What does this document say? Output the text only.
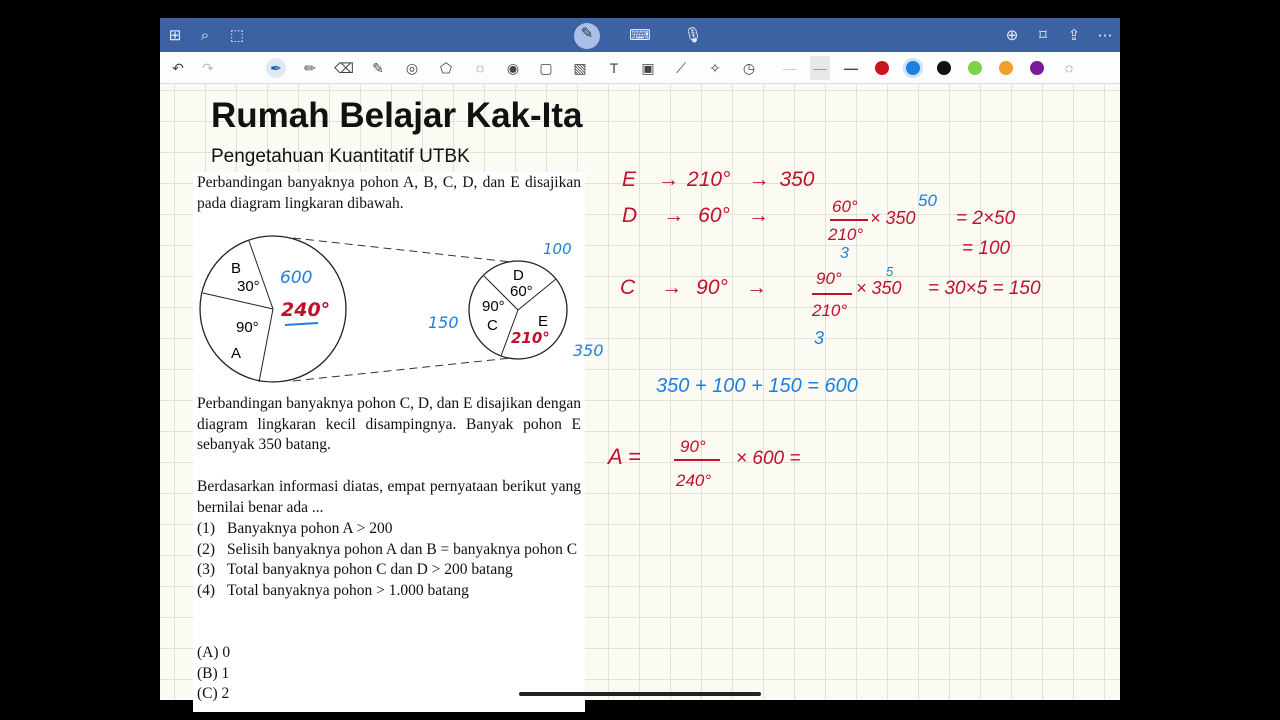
⊞	⌕	⬚	✎	⌨ 🎙	⊕	⌑	⇪	⋯
↶ ↷	✒ ✏ ⌫ ✎ ◎ ⬠	◌	◉ ▢ ▧	T	▣	⟋	✧ ◷ — — —	◌
Rumah Belajar Kak-Ita
Pengetahuan Kuantitatif UTBK
Perbandingan banyaknya pohon A, B, C, D, dan E disajikan pada diagram lingkaran dibawah.
B
30°
90°
A
D
60°
90°
C	E
600
240°
210°
100
150
350
Perbandingan banyaknya pohon C, D, dan E disajikan dengan diagram lingkaran kecil disampingnya. Banyak pohon E sebanyak 350 batang.
Berdasarkan informasi diatas, empat pernyataan berikut yang bernilai benar ada ...
(1) Banyaknya pohon A > 200
(2) Selisih banyaknya pohon A dan B = banyaknya pohon C
(3) Total banyaknya pohon C dan D > 200 batang
(4) Total banyaknya pohon > 1.000 batang
(A) 0
(B) 1
(C) 2
E → 210° → 350
D → 60° →	60°
210°
× 350 = 2×50
= 100
C → 90° →	90°
210°
× 350 = 30×5 = 150
A = 90°
240°
× 600 =
50
3
5
3
350 + 100 + 150 = 600
